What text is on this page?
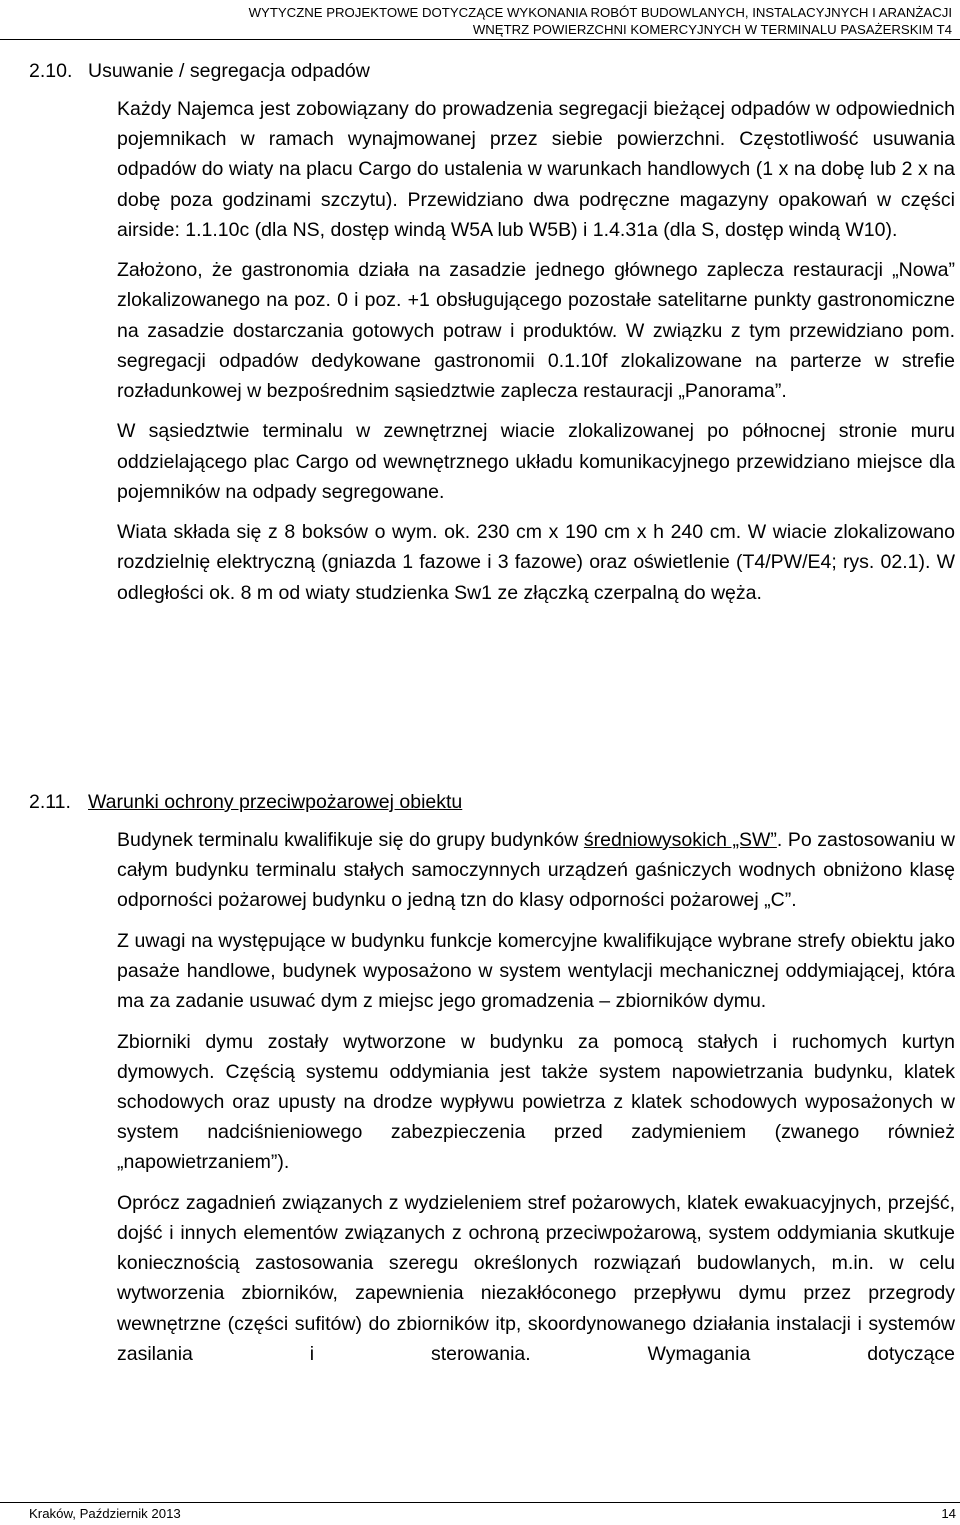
WYTYCZNE PROJEKTOWE DOTYCZĄCE WYKONANIA ROBÓT BUDOWLANYCH, INSTALACYJNYCH I ARANŻACJI
WNĘTRZ POWIERZCHNI KOMERCYJNYCH W TERMINALU PASAŻERSKIM T4
2.10. Usuwanie / segregacja odpadów

Każdy Najemca jest zobowiązany do prowadzenia segregacji bieżącej odpadów w odpowiednich pojemnikach w ramach wynajmowanej przez siebie powierzchni. Częstotliwość usuwania odpadów do wiaty na placu Cargo do ustalenia w warunkach handlowych (1 x na dobę lub 2 x na dobę poza godzinami szczytu). Przewidziano dwa podręczne magazyny opakowań w części airside: 1.1.10c (dla NS, dostęp windą W5A lub W5B) i 1.4.31a (dla S, dostęp windą W10).

Założono, że gastronomia działa na zasadzie jednego głównego zaplecza restauracji „Nowa” zlokalizowanego na poz. 0 i poz. +1 obsługującego pozostałe satelitarne punkty gastronomiczne na zasadzie dostarczania gotowych potraw i produktów. W związku z tym przewidziano pom. segregacji odpadów dedykowane gastronomii 0.1.10f zlokalizowane na parterze w strefie rozładunkowej w bezpośrednim sąsiedztwie zaplecza restauracji „Panorama”.

W sąsiedztwie terminalu w zewnętrznej wiacie zlokalizowanej po północnej stronie muru oddzielającego plac Cargo od wewnętrznego układu komunikacyjnego przewidziano miejsce dla pojemników na odpady segregowane.

Wiata składa się z 8 boksów o wym. ok. 230 cm x 190 cm x h 240 cm. W wiacie zlokalizowano rozdzielnię elektryczną (gniazda 1 fazowe i 3 fazowe) oraz oświetlenie (T4/PW/E4; rys. 02.1). W odległości ok. 8 m od wiaty studzienka Sw1 ze złączką czerpalną do węża.

2.11. Warunki ochrony przeciwpożarowej obiektu

Budynek terminalu kwalifikuje się do grupy budynków średniowysokich „SW”. Po zastosowaniu w całym budynku terminalu stałych samoczynnych urządzeń gaśniczych wodnych obniżono klasę odporności pożarowej budynku o jedną tzn do klasy odporności pożarowej „C”.

Z uwagi na występujące w budynku funkcje komercyjne kwalifikujące wybrane strefy obiektu jako pasaże handlowe, budynek wyposażono w system wentylacji mechanicznej oddymiającej, która ma za zadanie usuwać dym z miejsc jego gromadzenia – zbiorników dymu.

Zbiorniki dymu zostały wytworzone w budynku za pomocą stałych i ruchomych kurtyn dymowych. Częścią systemu oddymiania jest także system napowietrzania budynku, klatek schodowych oraz upusty na drodze wypływu powietrza z klatek schodowych wyposażonych w system nadciśnieniowego zabezpieczenia przed zadymieniem (zwanego również „napowietrzaniem”).

Oprócz zagadnień związanych z wydzieleniem stref pożarowych, klatek ewakuacyjnych, przejść, dojść i innych elementów związanych z ochroną przeciwpożarową, system oddymiania skutkuje koniecznością zastosowania szeregu określonych rozwiązań budowlanych, m.in. w celu wytworzenia zbiorników, zapewnienia niezakłóconego przepływu dymu przez przegrody wewnętrzne (części sufitów) do zbiorników itp, skoordynowanego działania instalacji i systemów zasilania i sterowania. Wymagania dotyczące

Kraków, Październik 2013	14
